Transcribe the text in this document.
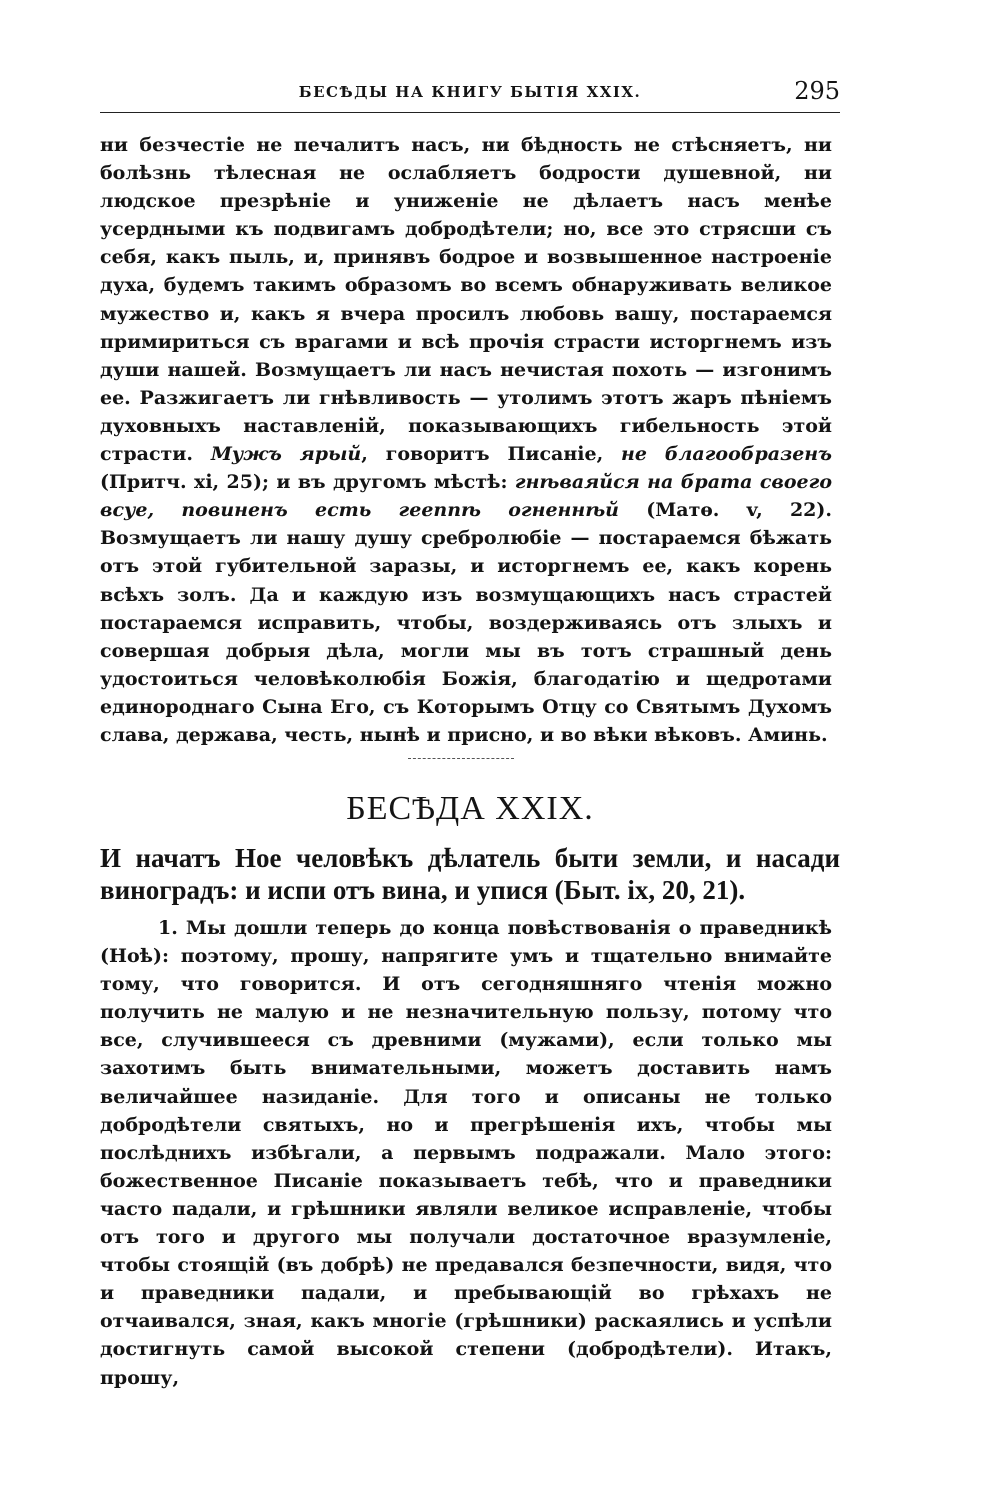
БЕСѢДЫ НА КНИГУ БЫТІЯ XXIX.	295

ни безчестіе не печалитъ насъ, ни бѣдность не стѣсняетъ, ни болѣзнь тѣлесная не ослабляетъ бодрости душевной, ни людское презрѣніе и униженіе не дѣлаетъ насъ менѣе усердными къ подвигамъ добродѣтели; но, все это стрясши съ себя, какъ пыль, и, принявъ бодрое и возвышенное настроеніе духа, будемъ такимъ образомъ во всемъ обнаруживать великое мужество и, какъ я вчера просилъ любовь вашу, постараемся примириться съ врагами и всѣ прочія страсти исторгнемъ изъ души нашей. Возмущаетъ ли насъ нечистая похоть — изгонимъ ее. Разжигаетъ ли гнѣвливость — утолимъ этотъ жаръ пѣніемъ духовныхъ наставленій, показывающихъ гибельность этой страсти. Мужъ ярый, говоритъ Писаніе, не благообразенъ (Притч. xi, 25); и въ другомъ мѣстѣ: гнѣваяйся на брата своего всуе, повиненъ есть геennѣ огненнѣй (Матѳ. v, 22). Возмущаетъ ли нашу душу сребролюбіе — постараемся бѣжать отъ этой губительной заразы, и исторгнемъ ее, какъ корень всѣхъ золъ. Да и каждую изъ возмущающихъ насъ страстей постараемся исправить, чтобы, воздерживаясь отъ злыхъ и совершая добрыя дѣла, могли мы въ тотъ страшный день удостоиться человѣколюбія Божія, благодатію и щедротами единороднаго Сына Его, съ Которымъ Отцу со Святымъ Духомъ слава, держава, честь, нынѣ и присно, и во вѣки вѣковъ. Аминь.

БЕСѢДА XXIX.

И начатъ Ное человѣкъ дѣлатель быти земли, и насади виноградъ: и испи отъ вина, и упися (Быт. ix, 20, 21).

1. Мы дошли теперь до конца повѣствованія о праведникѣ (Ноѣ): поэтому, прошу, напрягите умъ и тщательно внимайте тому, что говорится. И отъ сегодняшняго чтенія можно получить не малую и не незначительную пользу, потому что все, случившееся съ древними (мужами), если только мы захотимъ быть внимательными, можетъ доставить намъ величайшее назиданіе. Для того и описаны не только добродѣтели святыхъ, но и прегрѣшенія ихъ, чтобы мы послѣднихъ избѣгали, а первымъ подражали. Мало этого: божественное Писаніе показываетъ тебѣ, что и праведники часто падали, и грѣшники являли великое исправленіе, чтобы отъ того и другого мы получали достаточное вразумленіе, чтобы стоящій (въ добрѣ) не предавался безпечности, видя, что и праведники падали, и пребывающій во грѣхахъ не отчаивался, зная, какъ многіе (грѣшники) раскаялись и успѣли достигнуть самой высокой степени (добродѣтели). Итакъ, прошу,
